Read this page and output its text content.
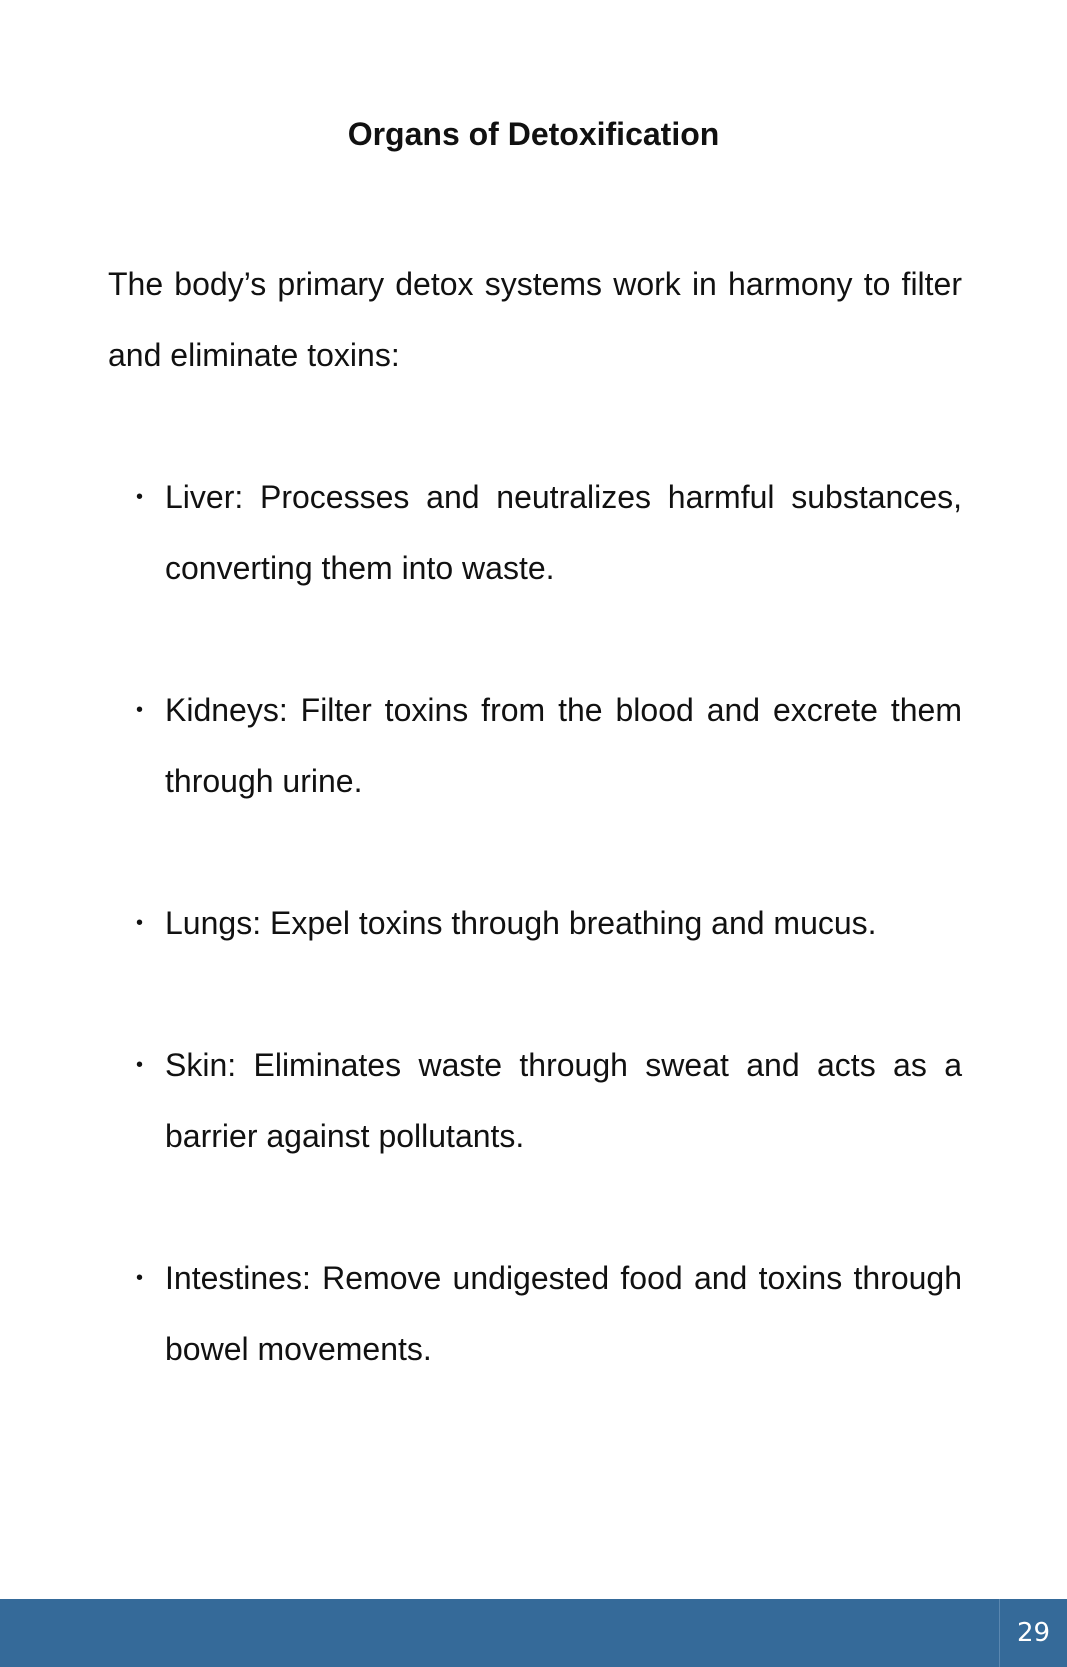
Organs of Detoxification

The body’s primary detox systems work in harmony to filter and eliminate toxins:

• Liver: Processes and neutralizes harmful substances, converting them into waste.
• Kidneys: Filter toxins from the blood and excrete them through urine.
• Lungs: Expel toxins through breathing and mucus.
• Skin: Eliminates waste through sweat and acts as a barrier against pollutants.
• Intestines: Remove undigested food and toxins through bowel movements.
29
